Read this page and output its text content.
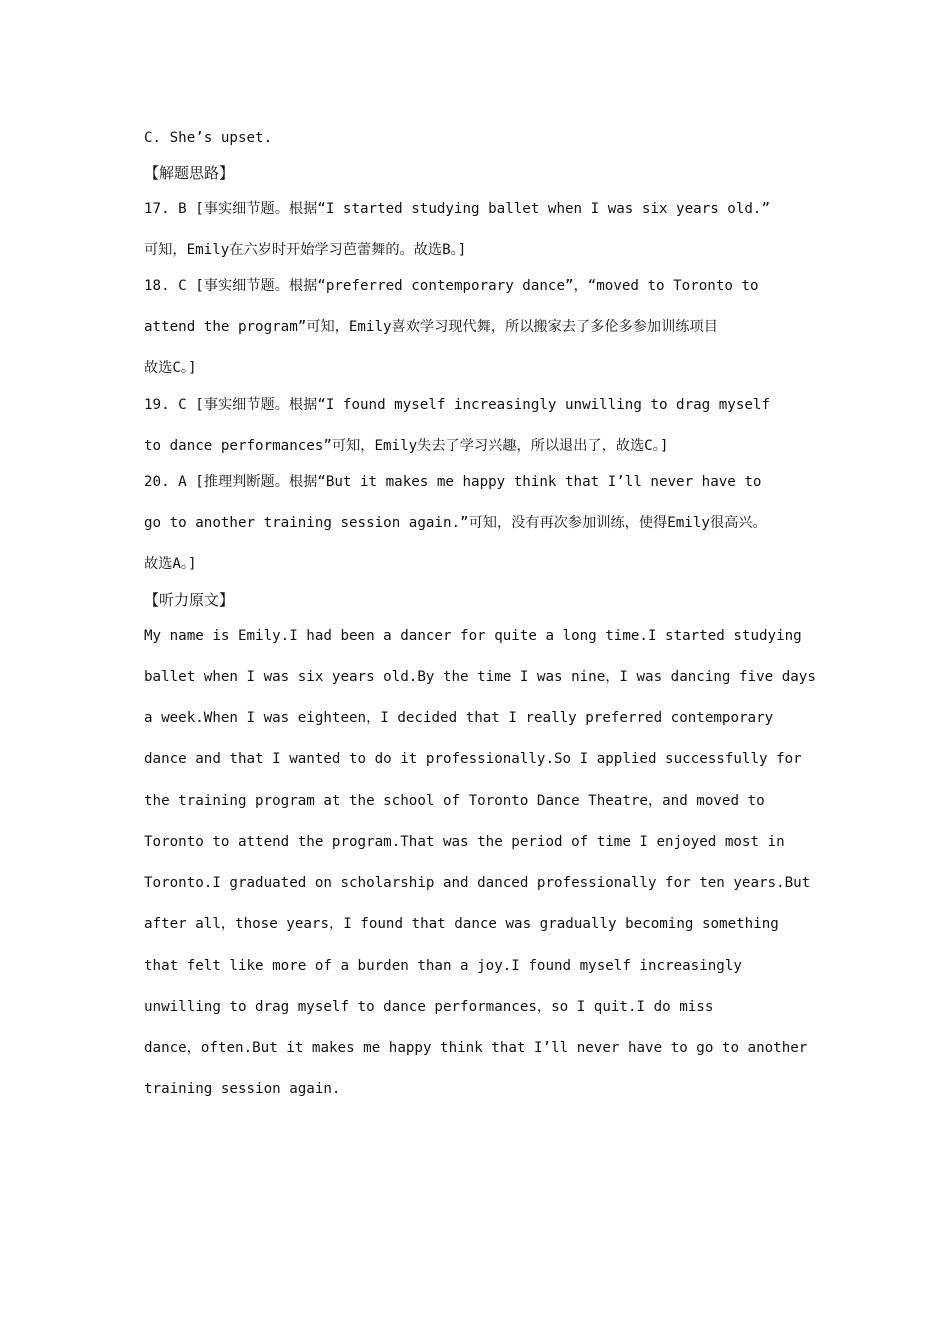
C. She’s upset.
【解题思路】
17. B [事实细节题。根据“I started studying ballet when I was six years old.”
可知，Emily在六岁时开始学习芭蕾舞的。故选B。]
18. C [事实细节题。根据“preferred contemporary dance”，“moved to Toronto to
attend the program”可知，Emily喜欢学习现代舞，所以搬家去了多伦多参加训练项目
故选C。]
19. C [事实细节题。根据“I found myself increasingly unwilling to drag myself
to dance performances”可知，Emily失去了学习兴趣，所以退出了，故选C。]
20. A [推理判断题。根据“But it makes me happy think that I’ll never have to
go to another training session again.”可知，没有再次参加训练，使得Emily很高兴。
故选A。]
【听力原文】
My name is Emily.I had been a dancer for quite a long time.I started studying
ballet when I was six years old.By the time I was nine，I was dancing five days
a week.When I was eighteen，I decided that I really preferred contemporary
dance and that I wanted to do it professionally.So I applied successfully for
the training program at the school of Toronto Dance Theatre，and moved to
Toronto to attend the program.That was the period of time I enjoyed most in
Toronto.I graduated on scholarship and danced professionally for ten years.But
after all，those years，I found that dance was gradually becoming something
that felt like more of a burden than a joy.I found myself increasingly
unwilling to drag myself to dance performances，so I quit.I do miss
dance，often.But it makes me happy think that I’ll never have to go to another
training session again.
